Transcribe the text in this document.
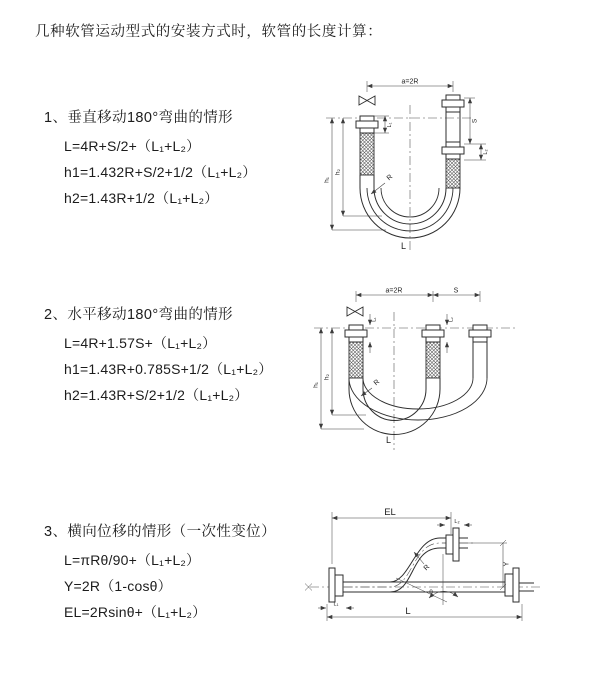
几种软管运动型式的安装方式时，软管的长度计算：
1、垂直移动180°弯曲的情形
L=4R+S/2+（L₁+L₂）
h1=1.432R+S/2+1/2（L₁+L₂）
h2=1.43R+1/2（L₁+L₂）
2、水平移动180°弯曲的情形
L=4R+1.57S+（L₁+L₂）
h1=1.43R+0.785S+1/2（L₁+L₂）
h2=1.43R+S/2+1/2（L₁+L₂）
3、横向位移的情形（一次性变位）
L=πRθ/90+（L₁+L₂）
Y=2R（1-cosθ）
EL=2Rsinθ+（L₁+L₂）
a=2R
h₁
h₂
L₁
S
L₂
R
L
a=2R	S
h₁
h₂
L₁	L₂
R
L
EL
L₂
Y
R
θ
L
L₁
